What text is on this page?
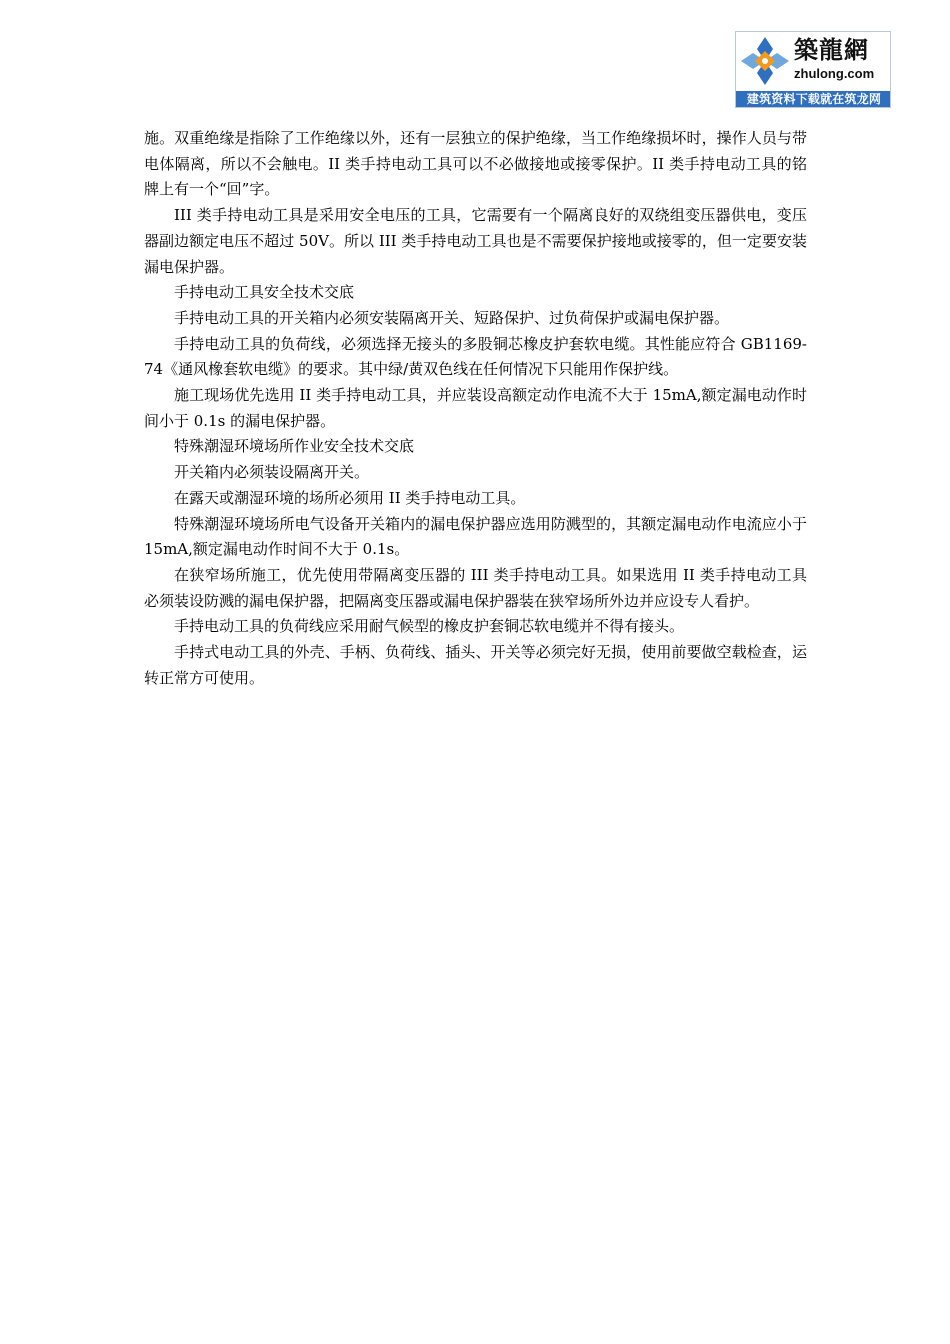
築龍網
zhulong.com
建筑资料下载就在筑龙网

施。双重绝缘是指除了工作绝缘以外，还有一层独立的保护绝缘，当工作绝缘损坏时，操作人员与带电体隔离，所以不会触电。II 类手持电动工具可以不必做接地或接零保护。II 类手持电动工具的铭牌上有一个“回”字。

III 类手持电动工具是采用安全电压的工具，它需要有一个隔离良好的双绕组变压器供电，变压器副边额定电压不超过 50V。所以 III 类手持电动工具也是不需要保护接地或接零的，但一定要安装漏电保护器。

手持电动工具安全技术交底

手持电动工具的开关箱内必须安装隔离开关、短路保护、过负荷保护或漏电保护器。

手持电动工具的负荷线，必须选择无接头的多股铜芯橡皮护套软电缆。其性能应符合 GB1169-74《通风橡套软电缆》的要求。其中绿/黄双色线在任何情况下只能用作保护线。

施工现场优先选用 II 类手持电动工具，并应装设高额定动作电流不大于 15mA,额定漏电动作时间小于 0.1s 的漏电保护器。

特殊潮湿环境场所作业安全技术交底

开关箱内必须装设隔离开关。

在露天或潮湿环境的场所必须用 II 类手持电动工具。

特殊潮湿环境场所电气设备开关箱内的漏电保护器应选用防溅型的，其额定漏电动作电流应小于 15mA,额定漏电动作时间不大于 0.1s。

在狭窄场所施工，优先使用带隔离变压器的 III 类手持电动工具。如果选用 II 类手持电动工具必须装设防溅的漏电保护器，把隔离变压器或漏电保护器装在狭窄场所外边并应设专人看护。

手持电动工具的负荷线应采用耐气候型的橡皮护套铜芯软电缆并不得有接头。

手持式电动工具的外壳、手柄、负荷线、插头、开关等必须完好无损，使用前要做空载检查，运转正常方可使用。
